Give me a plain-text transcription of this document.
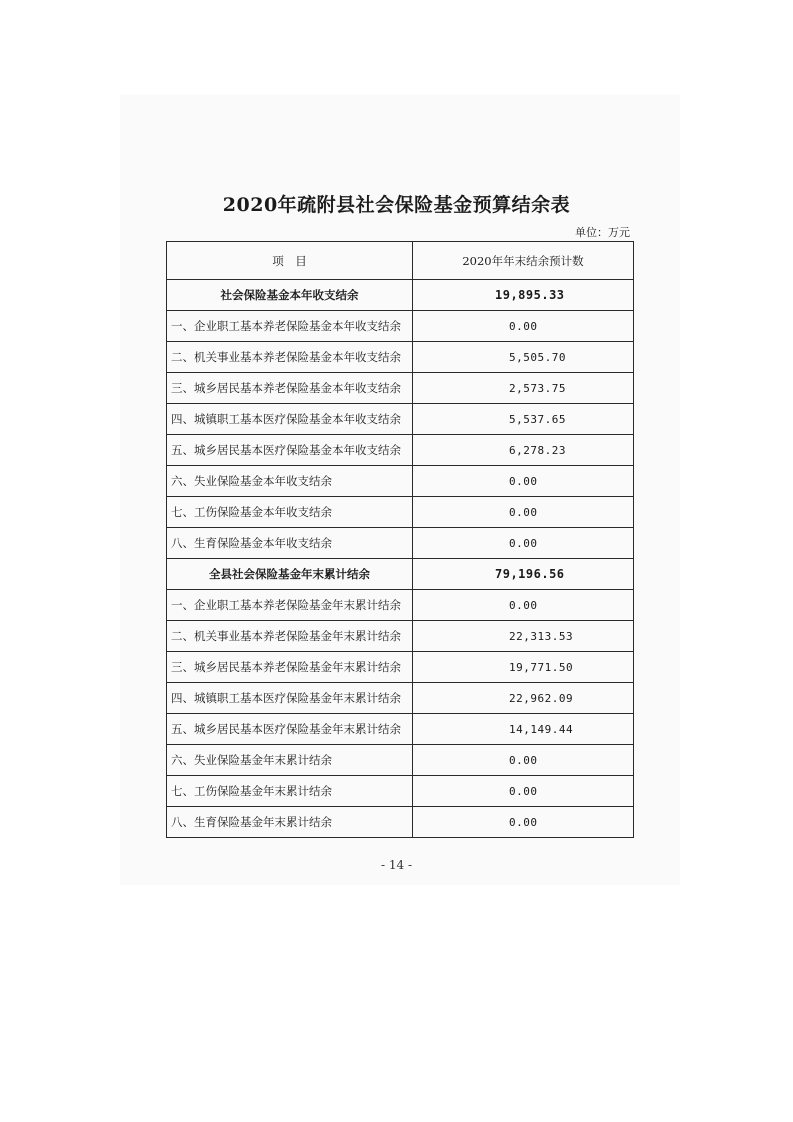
2020年疏附县社会保险基金预算结余表
单位：万元
项　目	2020年年末结余预计数
社会保险基金本年收支结余	19,895.33
一、企业职工基本养老保险基金本年收支结余	0.00
二、机关事业基本养老保险基金本年收支结余	5,505.70
三、城乡居民基本养老保险基金本年收支结余	2,573.75
四、城镇职工基本医疗保险基金本年收支结余	5,537.65
五、城乡居民基本医疗保险基金本年收支结余	6,278.23
六、失业保险基金本年收支结余	0.00
七、工伤保险基金本年收支结余	0.00
八、生育保险基金本年收支结余	0.00
全县社会保险基金年末累计结余	79,196.56
一、企业职工基本养老保险基金年末累计结余	0.00
二、机关事业基本养老保险基金年末累计结余	22,313.53
三、城乡居民基本养老保险基金年末累计结余	19,771.50
四、城镇职工基本医疗保险基金年末累计结余	22,962.09
五、城乡居民基本医疗保险基金年末累计结余	14,149.44
六、失业保险基金年末累计结余	0.00
七、工伤保险基金年末累计结余	0.00
八、生育保险基金年末累计结余	0.00
- 14 -
